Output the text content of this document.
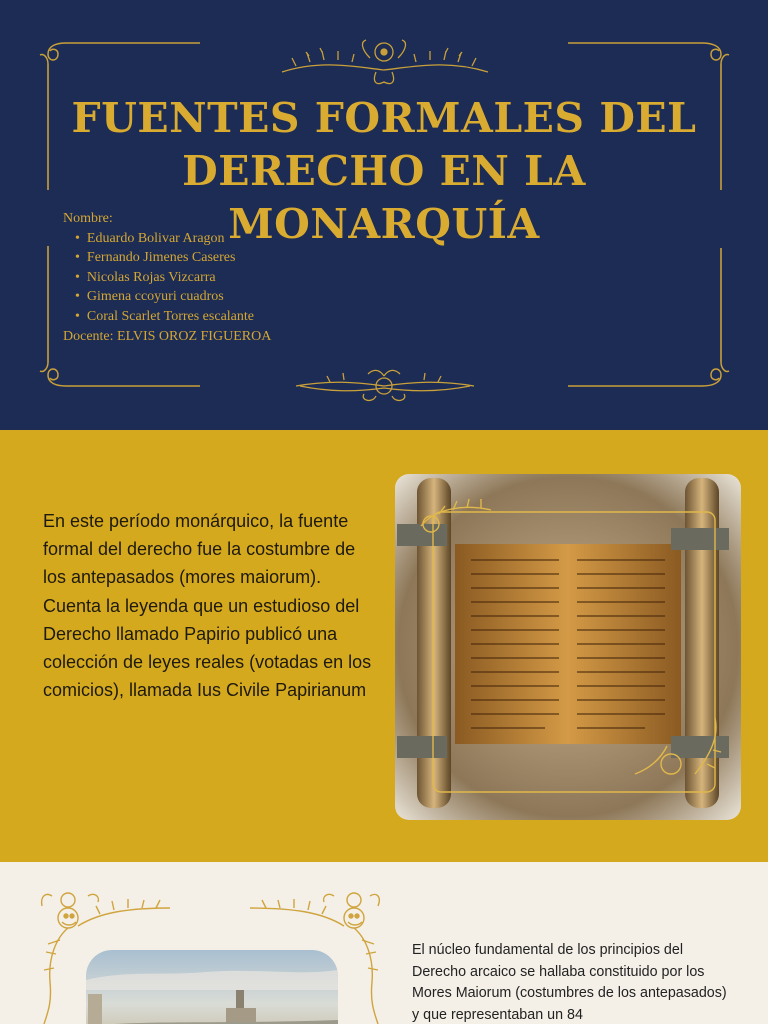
FUENTES FORMALES DEL
DERECHO EN LA MONARQUÍA
Nombre:
• Eduardo Bolivar Aragon
• Fernando Jimenes Caseres
• Nicolas Rojas Vizcarra
• Gimena ccoyuri cuadros
• Coral Scarlet Torres escalante
Docente: ELVIS OROZ FIGUEROA

En este período monárquico, la fuente formal del derecho fue la costumbre de los antepasados (mores maiorum). Cuenta la leyenda que un estudioso del Derecho llamado Papirio publicó una colección de leyes reales (votadas en los comicios), llamada Ius Civile Papirianum

El núcleo fundamental de los principios del Derecho arcaico se hallaba constituido por los Mores Maiorum (costumbres de los antepasados) y que representaban un 84
